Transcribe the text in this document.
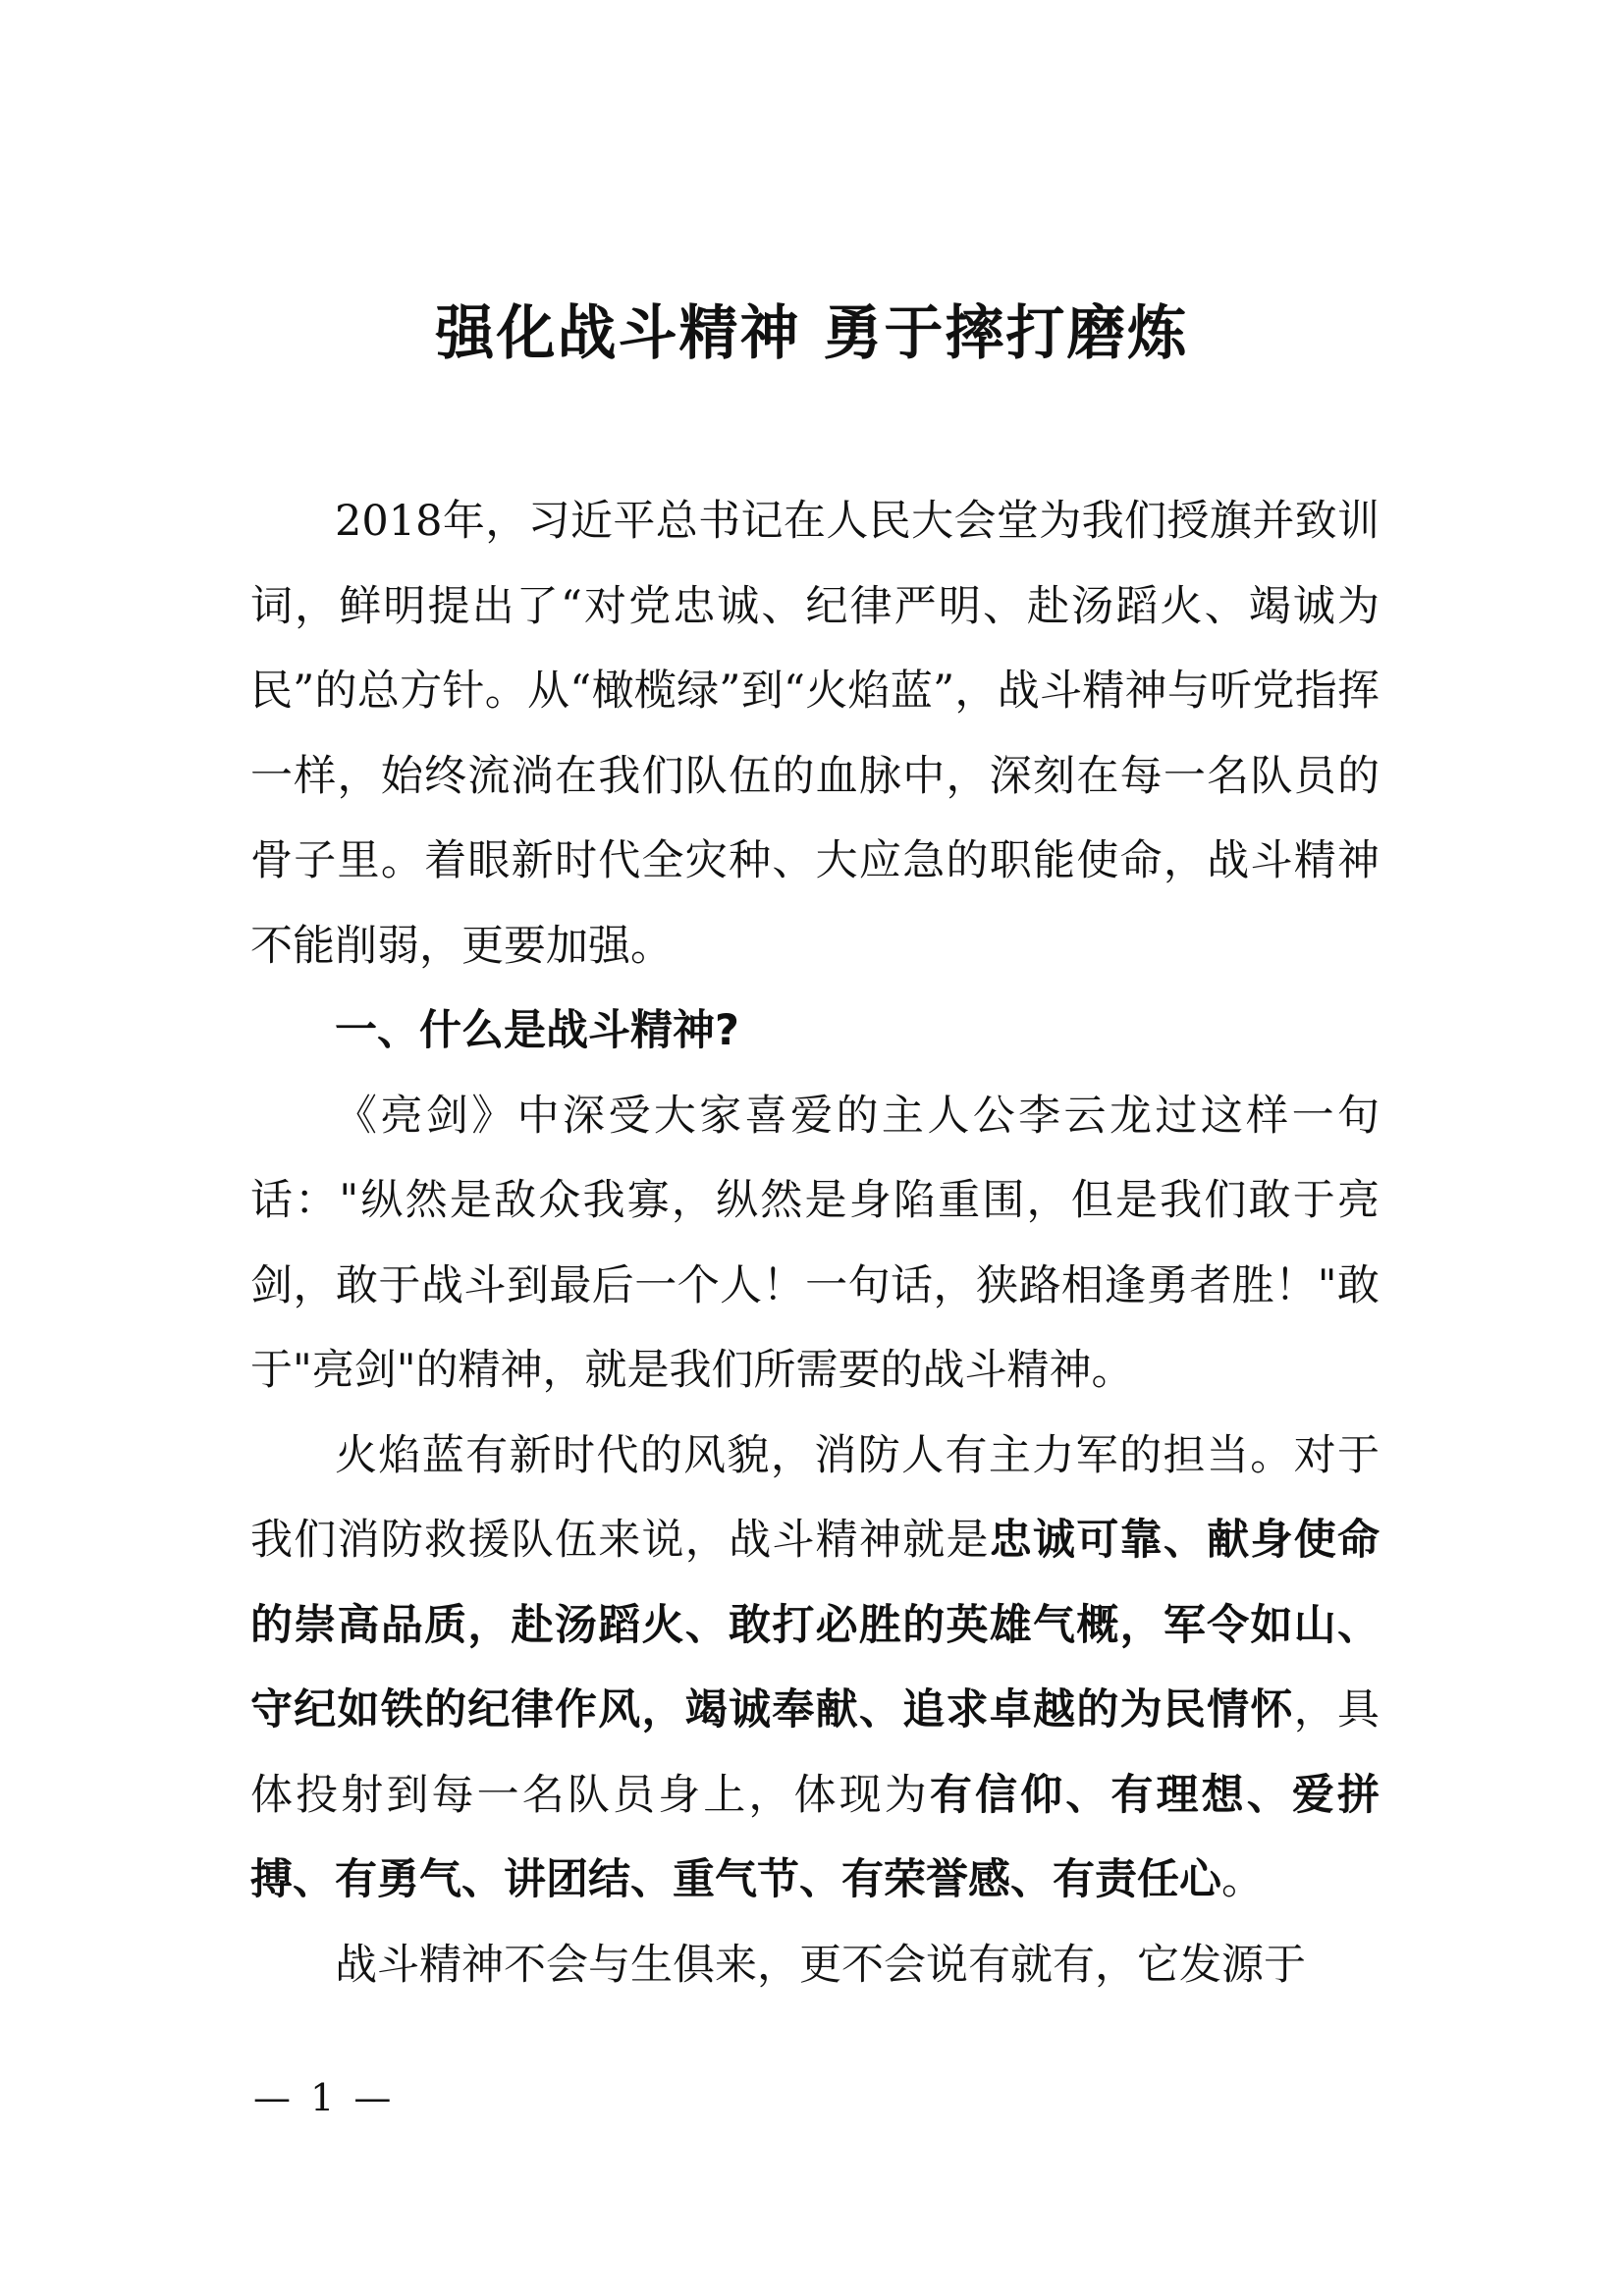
强化战斗精神 勇于摔打磨炼

2018年，习近平总书记在人民大会堂为我们授旗并致训词，鲜明提出了“对党忠诚、纪律严明、赴汤蹈火、竭诚为民”的总方针。从“橄榄绿”到“火焰蓝”，战斗精神与听党指挥一样，始终流淌在我们队伍的血脉中，深刻在每一名队员的骨子里。着眼新时代全灾种、大应急的职能使命，战斗精神不能削弱，更要加强。

一、什么是战斗精神?

《亮剑》中深受大家喜爱的主人公李云龙过这样一句话："纵然是敌众我寡，纵然是身陷重围，但是我们敢于亮剑，敢于战斗到最后一个人！一句话，狭路相逢勇者胜！"敢于"亮剑"的精神，就是我们所需要的战斗精神。

火焰蓝有新时代的风貌，消防人有主力军的担当。对于我们消防救援队伍来说，战斗精神就是忠诚可靠、献身使命的崇高品质，赴汤蹈火、敢打必胜的英雄气概，军令如山、守纪如铁的纪律作风，竭诚奉献、追求卓越的为民情怀，具体投射到每一名队员身上，体现为有信仰、有理想、爱拼搏、有勇气、讲团结、重气节、有荣誉感、有责任心。

战斗精神不会与生俱来，更不会说有就有，它发源于

— 1 —
